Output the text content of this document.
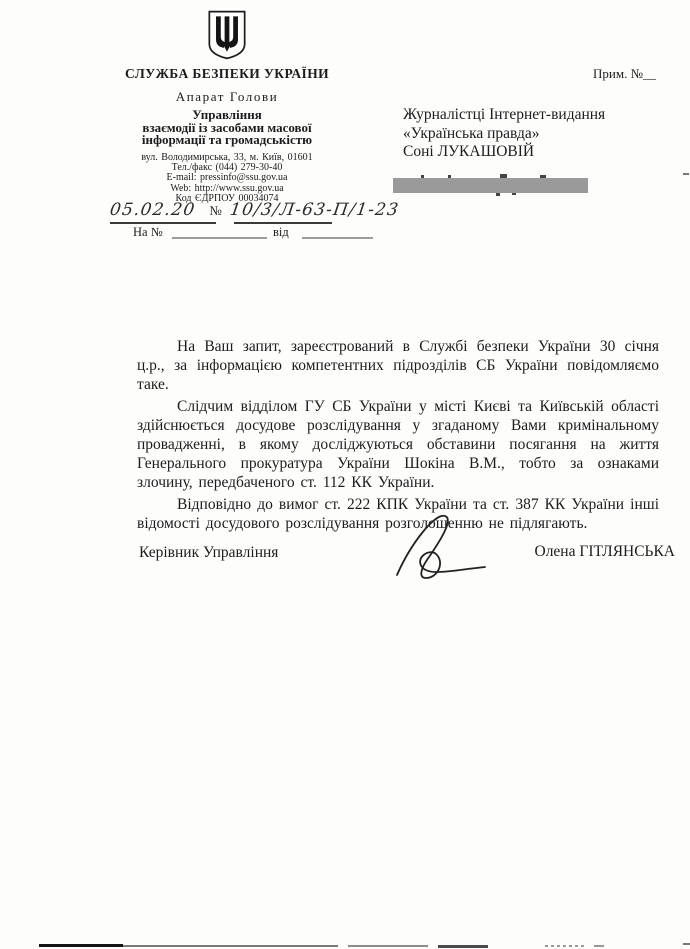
СЛУЖБА БЕЗПЕКИ УКРАЇНИ
Апарат Голови
Управління
взаємодії із засобами масової
інформації та громадськістю
вул. Володимирська, 33, м. Київ, 01601
Тел./факс (044) 279-30-40
E-mail: pressinfo@ssu.gov.ua
Web: http://www.ssu.gov.ua
Код ЄДРПОУ 00034074
05.02.20 № 10/3/Л-63-П/1-23
На №	від
Прим. №__
Журналістці Інтернет-видання
«Українська правда»
Соні ЛУКАШОВІЙ

На Ваш запит, зареєстрований в Службі безпеки України 30 січня ц.р., за інформацією компетентних підрозділів СБ України повідомляємо таке.

Слідчим відділом ГУ СБ України у місті Києві та Київській області здійснюється досудове розслідування у згаданому Вами кримінальному провадженні, в якому досліджуються обставини посягання на життя Генерального прокуратура України Шокіна В.М., тобто за ознаками злочину, передбаченого ст. 112 КК України.

Відповідно до вимог ст. 222 КПК України та ст. 387 КК України інші відомості досудового розслідування розголошенню не підлягають.

Керівник Управління	Олена ГІТЛЯНСЬКА
